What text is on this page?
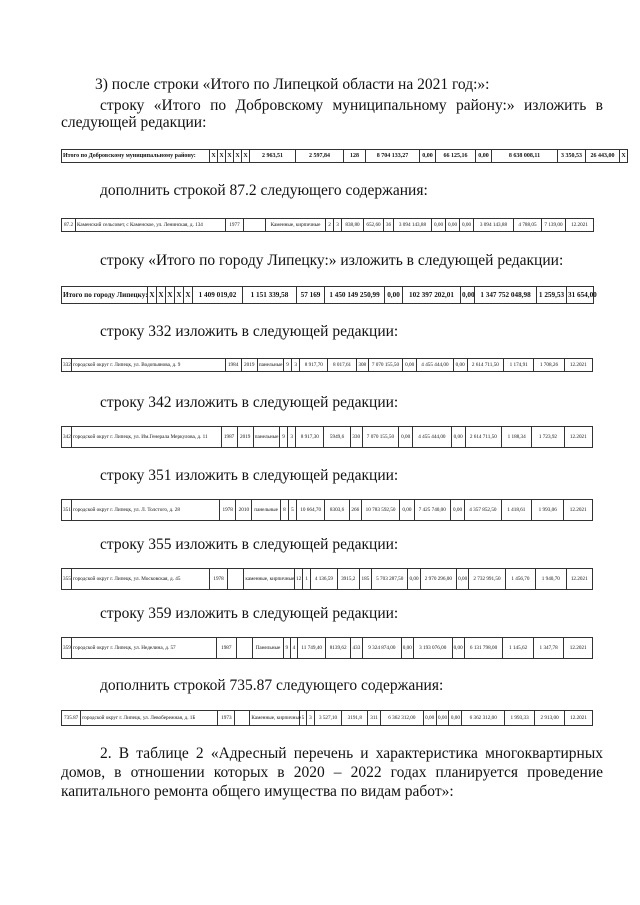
3) после строки «Итого по Липецкой области на 2021 год:»:
строку «Итого по Добровскому муниципальному району:» изложить в
следующей редакции:
Итого по Добровскому муниципальному району:	X	X	X	X	X	2 963,51	2 597,84	128	8 704 133,27	0,00	66 125,16	0,00	8 638 008,11	3 350,53	26 443,00	X
дополнить строкой 87.2 следующего содержания:
87.2	Каменский сельсовет, с Каменское, ул. Ленинская, д. 134	1977		Каменные, кирпичные	2	3	838,80	652,60	36	3 094 143,88	0,00	0,00	0,00	3 094 143,88	4 788,05	7 139,00	12.2021
строку «Итого по городу Липецку:» изложить в следующей редакции:
Итого по городу Липецку:	X	X	X	X	X	1 409 019,02	1 151 339,58	57 169	1 450 149 250,99	0,00	102 397 202,01	0,00	1 347 752 048,98	1 259,53	31 654,00
строку 332 изложить в следующей редакции:
332	городской округ г. Липецк, ул. Водопьянова, д. 9	1984	2019	панельные	9	3	8 917,70	8 017,61	308	7 070 155,50	0,00	4 455 444,00	0,00	2 614 711,50	1 174,91	1 708,26	12.2021
строку 342 изложить в следующей редакции:
342	городской округ г. Липецк, ул. Им.Генерала Меркулова, д. 11	1987	2019	панельные	9	3	8 917,30	5949,6	330	7 070 155,50	0,00	4 455 444,00	0,00	2 614 711,50	1 188,34	1 723,92	12.2021
строку 351 изложить в следующей редакции:
351	городской округ г. Липецк, ул. Л. Толстого, д. 28	1978	2010	панельные	8	5	10 664,70	8303,6	266	10 783 592,50	0,00	7 425 740,00	0,00	4 357 852,50	1 418,61	1 993,06	12.2021
строку 355 изложить в следующей редакции:
355	городской округ г. Липецк, ул. Московская, д. 45	1978		каменные, кирпичные	12	1	4 136,59	3915,2	185	5 703 287,50	0,00	2 970 296,00	0,00	2 732 991,50	1 456,70	1 940,70	12.2021
строку 359 изложить в следующей редакции:
359	городской округ г. Липецк, ул. Неделина, д. 57	1987		Панельные	9	4	11 749,40	8139,62	433	9 324 874,00	0,00	3 193 076,00	0,00	6 131 798,00	1 145,62	1 347,78	12.2021
дополнить строкой 735.87 следующего содержания:
735.87	городской округ г. Липецк, ул. Левобережная, д. 1Б	1973		Каменные, кирпичные	5	3	3 527,10	3191,8	311	6 362 312,00	0,00	0,00	0,00	6 362 312,00	1 993,33	2 913,00	12.2021
2. В таблице 2 «Адресный перечень и характеристика многоквартирных
домов, в отношении которых в 2020 – 2022 годах планируется проведение
капитального ремонта общего имущества по видам работ»:
